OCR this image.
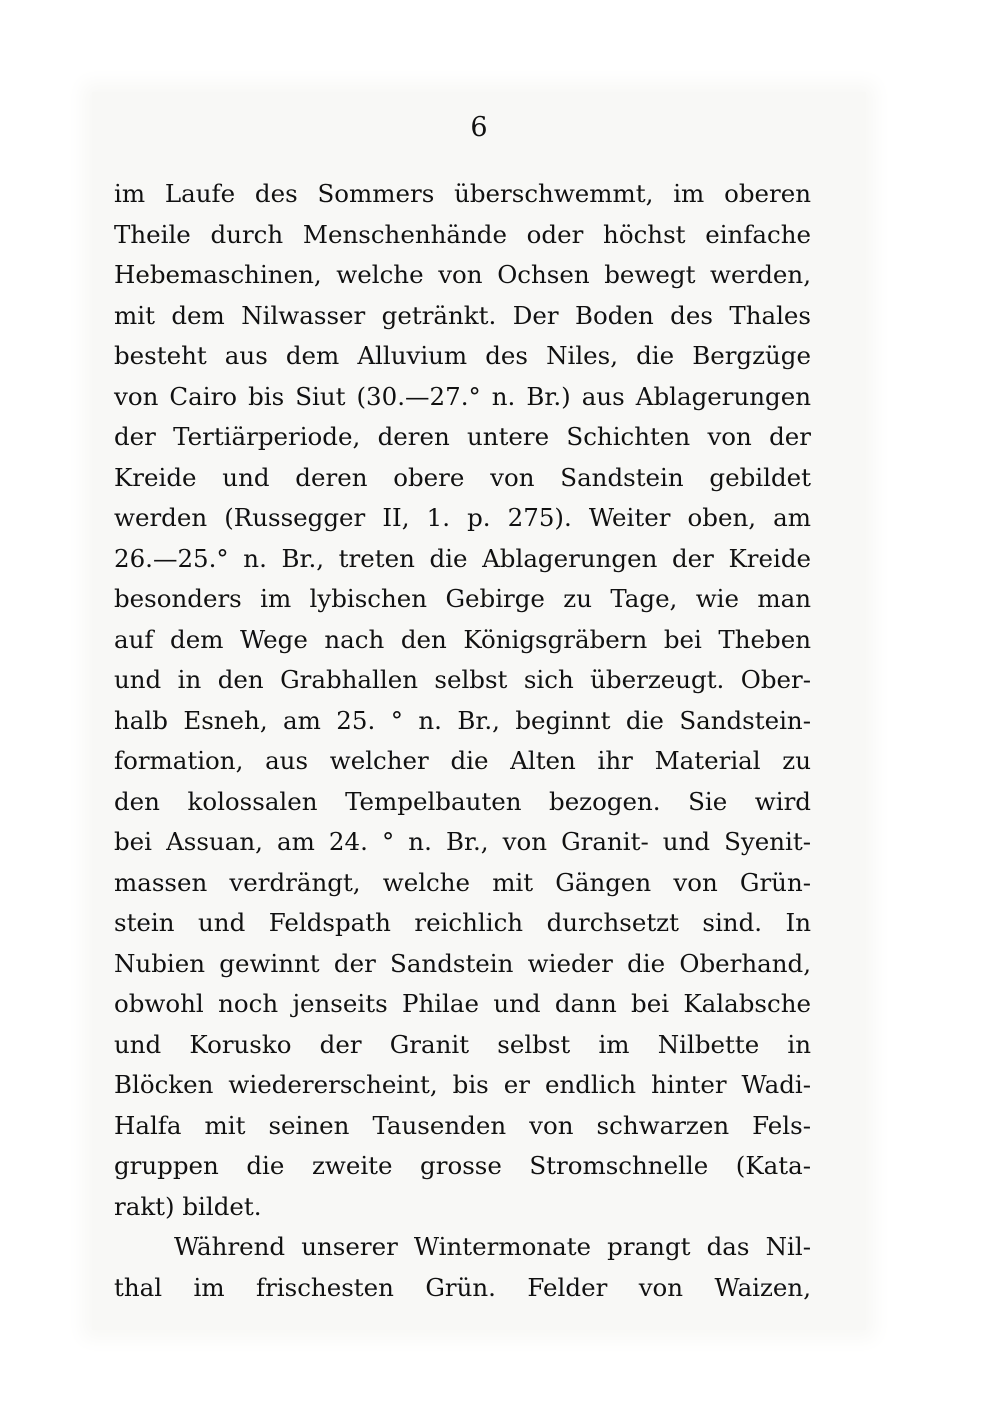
6
im Laufe des Sommers überschwemmt, im oberen
Theile durch Menschenhände oder höchst einfache
Hebemaschinen, welche von Ochsen bewegt werden,
mit dem Nilwasser getränkt. Der Boden des Thales
besteht aus dem Alluvium des Niles, die Bergzüge
von Cairo bis Siut (30.—27.° n. Br.) aus Ablagerungen
der Tertiärperiode, deren untere Schichten von der
Kreide und deren obere von Sandstein gebildet
werden (Russegger II, 1. p. 275). Weiter oben, am
26.—25.° n. Br., treten die Ablagerungen der Kreide
besonders im lybischen Gebirge zu Tage, wie man
auf dem Wege nach den Königsgräbern bei Theben
und in den Grabhallen selbst sich überzeugt. Ober-
halb Esneh, am 25. ° n. Br., beginnt die Sandstein-
formation, aus welcher die Alten ihr Material zu
den kolossalen Tempelbauten bezogen. Sie wird
bei Assuan, am 24. ° n. Br., von Granit- und Syenit-
massen verdrängt, welche mit Gängen von Grün-
stein und Feldspath reichlich durchsetzt sind. In
Nubien gewinnt der Sandstein wieder die Oberhand,
obwohl noch jenseits Philae und dann bei Kalabsche
und Korusko der Granit selbst im Nilbette in
Blöcken wiedererscheint, bis er endlich hinter Wadi-
Halfa mit seinen Tausenden von schwarzen Fels-
gruppen die zweite grosse Stromschnelle (Kata-
rakt) bildet.
Während unserer Wintermonate prangt das Nil-
thal im frischesten Grün. Felder von Waizen,
